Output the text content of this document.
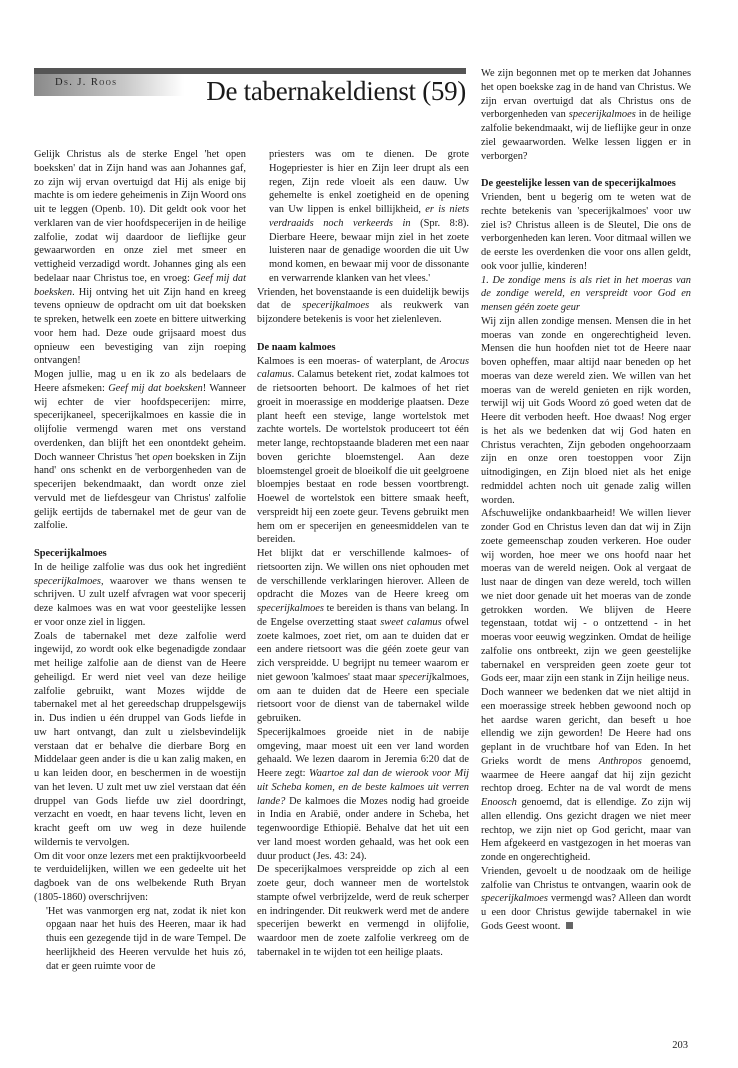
Ds. J. Roos	De tabernakeldienst (59)

Gelijk Christus als de sterke Engel 'het open boeksken' dat in Zijn hand was aan Johannes gaf, zo zijn wij ervan overtuigd dat Hij als enige bij machte is om iedere geheimenis in Zijn Woord ons uit te leggen (Openb. 10). Dit geldt ook voor het verklaren van de vier hoofdspecerijen in de heilige zalfolie, zodat wij daardoor de lieflijke geur gewaarworden en onze ziel met smeer en vettigheid verzadigd wordt. Johannes ging als een bedelaar naar Christus toe, en vroeg: Geef mij dat boeksken. Hij ontving het uit Zijn hand en kreeg tevens opnieuw de opdracht om uit dat boeksken te spreken, hetwelk een zoete en bittere uitwerking voor hem had. Deze oude grijsaard moest dus opnieuw een bevestiging van zijn roeping ontvangen!

Mogen jullie, mag u en ik zo als bedelaars de Heere afsmeken: Geef mij dat boeksken! Wanneer wij echter de vier hoofdspecerijen: mirre, specerijkaneel, specerijkalmoes en kassie die in olijfolie vermengd waren met ons verstand overdenken, dan blijft het een onontdekt geheim. Doch wanneer Christus 'het open boeksken in Zijn hand' ons schenkt en de verborgenheden van de specerijen bekendmaakt, dan wordt onze ziel vervuld met de liefdesgeur van Christus' zalfolie gelijk eertijds de tabernakel met de geur van de zalfolie.

Specerijkalmoes

In de heilige zalfolie was dus ook het ingrediënt specerijkalmoes, waarover we thans wensen te schrijven. U zult uzelf afvragen wat voor specerij deze kalmoes was en wat voor geestelijke lessen er voor onze ziel in liggen.

Zoals de tabernakel met deze zalfolie werd ingewijd, zo wordt ook elke begenadigde zondaar met heilige zalfolie aan de dienst van de Heere geheiligd. Er werd niet veel van deze heilige zalfolie gebruikt, want Mozes wijdde de tabernakel met al het gereedschap druppelsgewijs in. Dus indien u één druppel van Gods liefde in uw hart ontvangt, dan zult u zielsbevindelijk verstaan dat er behalve die dierbare Borg en Middelaar geen ander is die u kan zalig maken, en u kan leiden door, en beschermen in de woestijn van het leven. U zult met uw ziel verstaan dat één druppel van Gods liefde uw ziel doordringt, verzacht en voedt, en haar tevens licht, leven en kracht geeft om uw weg in deze huilende wildernis te vervolgen.

Om dit voor onze lezers met een praktijkvoorbeeld te verduidelijken, willen we een gedeelte uit het dagboek van de ons welbekende Ruth Bryan (1805-1860) overschrijven:

'Het was vanmorgen erg nat, zodat ik niet kon opgaan naar het huis des Heeren, maar ik had thuis een gezegende tijd in de ware Tempel. De heerlijkheid des Heeren vervulde het huis zó, dat er geen ruimte voor de

priesters was om te dienen. De grote Hogepriester is hier en Zijn leer drupt als een regen, Zijn rede vloeit als een dauw. Uw gehemelte is enkel zoetigheid en de opening van Uw lippen is enkel billijkheid, er is niets verdraaids noch verkeerds in (Spr. 8:8). Dierbare Heere, bewaar mijn ziel in het zoete luisteren naar de genadige woorden die uit Uw mond komen, en bewaar mij voor de dissonante en verwarrende klanken van het vlees.'

Vrienden, het bovenstaande is een duidelijk bewijs dat de specerijkalmoes als reukwerk van bijzondere betekenis is voor het zielenleven.

De naam kalmoes

Kalmoes is een moeras- of waterplant, de Arocus calamus. Calamus betekent riet, zodat kalmoes tot de rietsoorten behoort. De kalmoes of het riet groeit in moerassige en modderige plaatsen. Deze plant heeft een stevige, lange wortelstok met zachte wortels. De wortelstok produceert tot één meter lange, rechtopstaande bladeren met een naar boven gerichte bloemstengel. Aan deze bloemstengel groeit de bloeikolf die uit geelgroene bloempjes bestaat en rode bessen voortbrengt. Hoewel de wortelstok een bittere smaak heeft, verspreidt hij een zoete geur. Tevens gebruikt men hem om er specerijen en geneesmiddelen van te bereiden.

Het blijkt dat er verschillende kalmoes- of rietsoorten zijn. We willen ons niet ophouden met de verschillende verklaringen hierover. Alleen de opdracht die Mozes van de Heere kreeg om specerijkalmoes te bereiden is thans van belang. In de Engelse overzetting staat sweet calamus ofwel zoete kalmoes, zoet riet, om aan te duiden dat er een andere rietsoort was die géén zoete geur van zich verspreidde. U begrijpt nu temeer waarom er niet gewoon 'kalmoes' staat maar specerijkalmoes, om aan te duiden dat de Heere een speciale rietsoort voor de dienst van de tabernakel wilde gebruiken.

Specerijkalmoes groeide niet in de nabije omgeving, maar moest uit een ver land worden gehaald. We lezen daarom in Jeremia 6:20 dat de Heere zegt: Waartoe zal dan de wierook voor Mij uit Scheba komen, en de beste kalmoes uit verren lande? De kalmoes die Mozes nodig had groeide in India en Arabië, onder andere in Scheba, het tegenwoordige Ethiopië. Behalve dat het uit een ver land moest worden gehaald, was het ook een duur product (Jes. 43: 24).

De specerijkalmoes verspreidde op zich al een zoete geur, doch wanneer men de wortelstok stampte ofwel verbrijzelde, werd de reuk scherper en indringender. Dit reukwerk werd met de andere specerijen bewerkt en vermengd in olijfolie, waardoor men de zoete zalfolie verkreeg om de tabernakel in te wijden tot een heilige plaats.

We zijn begonnen met op te merken dat Johannes het open boekske zag in de hand van Christus. We zijn ervan overtuigd dat als Christus ons de verborgenheden van specerijkalmoes in de heilige zalfolie bekendmaakt, wij de lieflijke geur in onze ziel gewaarworden. Welke lessen liggen er in verborgen?

De geestelijke lessen van de specerijkalmoes

Vrienden, bent u begerig om te weten wat de rechte betekenis van 'specerijkalmoes' voor uw ziel is? Christus alleen is de Sleutel, Die ons de verborgenheden kan leren. Voor ditmaal willen we de eerste les overdenken die voor ons allen geldt, ook voor jullie, kinderen!

1. De zondige mens is als riet in het moeras van de zondige wereld, en verspreidt voor God en mensen géén zoete geur

Wij zijn allen zondige mensen. Mensen die in het moeras van zonde en ongerechtigheid leven. Mensen die hun hoofden niet tot de Heere naar boven opheffen, maar altijd naar beneden op het moeras van deze wereld zien. We willen van het moeras van de wereld genieten en rijk worden, terwijl wij uit Gods Woord zó goed weten dat de Heere dit verboden heeft. Hoe dwaas! Nog erger is het als we bedenken dat wij God haten en Christus verachten, Zijn geboden ongehoorzaam zijn en onze oren toestoppen voor Zijn uitnodigingen, en Zijn bloed niet als het enige redmiddel achten noch uit genade zalig willen worden.

Afschuwelijke ondankbaarheid! We willen liever zonder God en Christus leven dan dat wij in Zijn zoete gemeenschap zouden verkeren. Hoe ouder wij worden, hoe meer we ons hoofd naar het moeras van de wereld neigen. Ook al vergaat de lust naar de dingen van deze wereld, toch willen we niet door genade uit het moeras van de zonde getrokken worden. We blijven de Heere tegenstaan, totdat wij - o ontzettend - in het moeras voor eeuwig wegzinken. Omdat de heilige zalfolie ons ontbreekt, zijn we geen geestelijke tabernakel en verspreiden geen zoete geur tot Gods eer, maar zijn een stank in Zijn heilige neus.

Doch wanneer we bedenken dat we niet altijd in een moerassige streek hebben gewoond noch op het aardse waren gericht, dan beseft u hoe ellendig we zijn geworden! De Heere had ons geplant in de vruchtbare hof van Eden. In het Grieks wordt de mens Anthropos genoemd, waarmee de Heere aangaf dat hij zijn gezicht rechtop droeg. Echter na de val wordt de mens Enoosch genoemd, dat is ellendige. Zo zijn wij allen ellendig. Ons gezicht dragen we niet meer rechtop, we zijn niet op God gericht, maar van Hem afgekeerd en vastgezogen in het moeras van zonde en ongerechtigheid.

Vrienden, gevoelt u de noodzaak om de heilige zalfolie van Christus te ontvangen, waarin ook de specerijkalmoes vermengd was? Alleen dan wordt u een door Christus gewijde tabernakel in wie Gods Geest woont.

203
